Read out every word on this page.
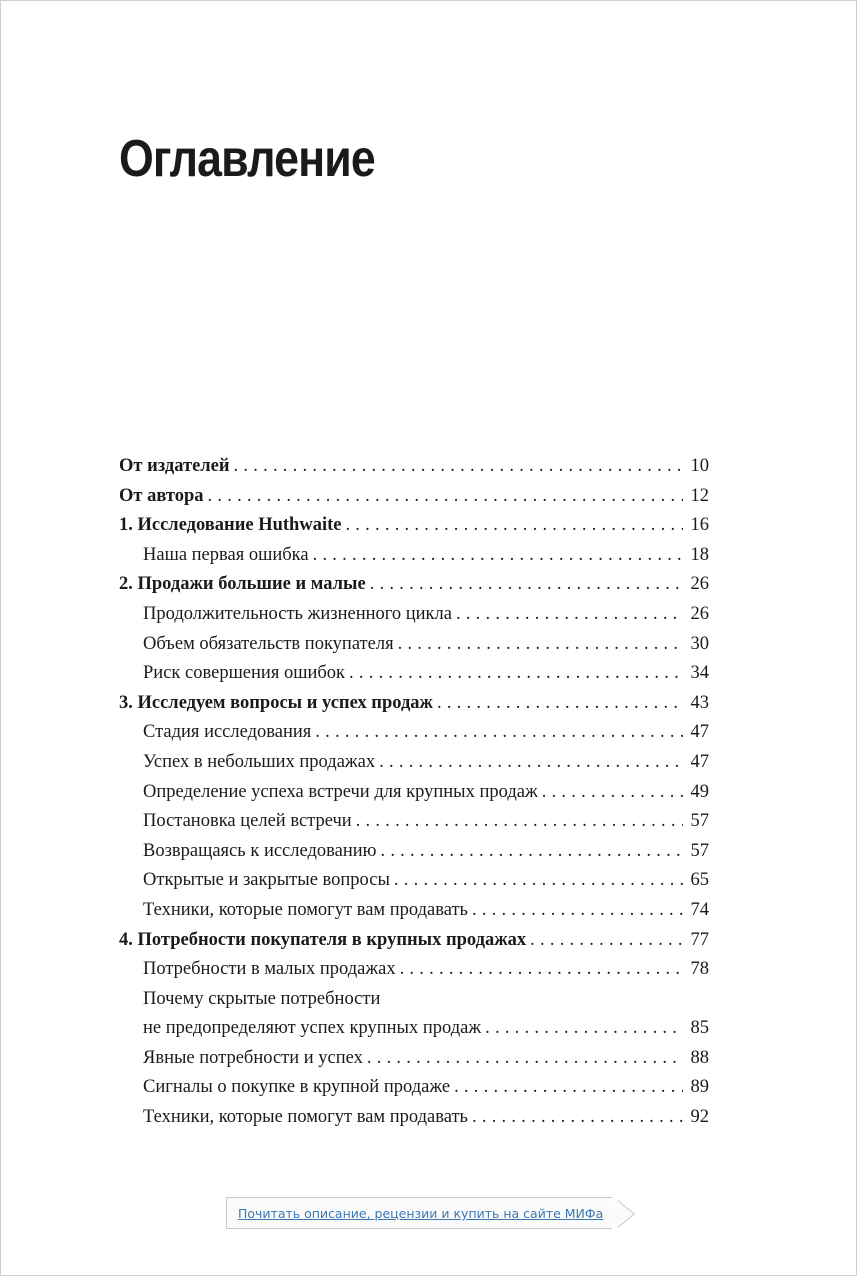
Оглавление
От издателей . . .	10
От автора . . .	12
1. Исследование Huthwaite . . .	16
Наша первая ошибка . . .	18
2. Продажи большие и малые . . .	26
Продолжительность жизненного цикла . . .	26
Объем обязательств покупателя . . .	30
Риск совершения ошибок . . .	34
3. Исследуем вопросы и успех продаж . . .	43
Стадия исследования . . .	47
Успех в небольших продажах . . .	47
Определение успеха встречи для крупных продаж . . .	49
Постановка целей встречи . . .	57
Возвращаясь к исследованию . . .	57
Открытые и закрытые вопросы . . .	65
Техники, которые помогут вам продавать . . .	74
4. Потребности покупателя в крупных продажах . . .	77
Потребности в малых продажах . . .	78
Почему скрытые потребности
не предопределяют успех крупных продаж . . .	85
Явные потребности и успех . . .	88
Сигналы о покупке в крупной продаже . . .	89
Техники, которые помогут вам продавать . . .	92
Почитать описание, рецензии и купить на сайте МИФа
